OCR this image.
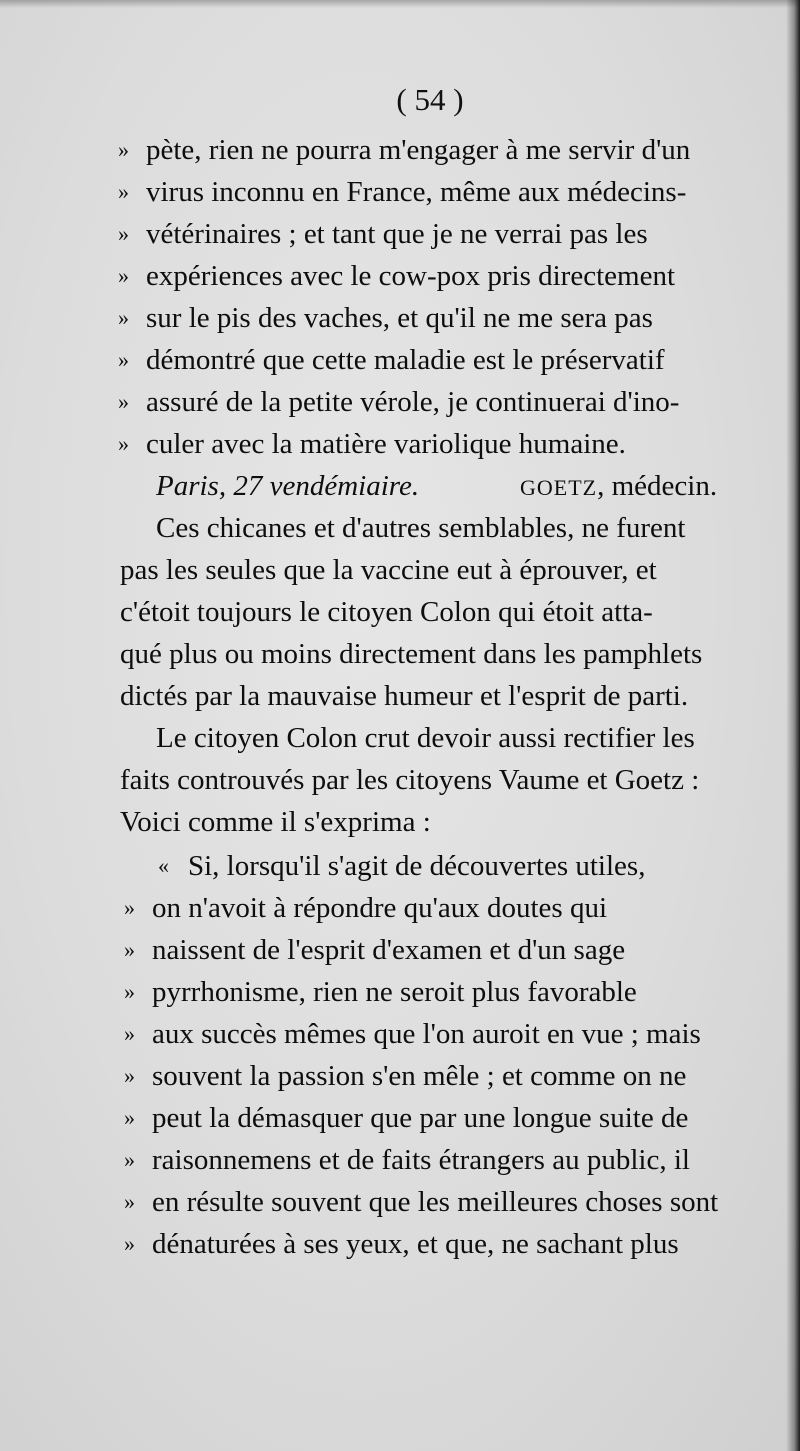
( 54 )
» pète, rien ne pourra m'engager à me servir d'un
» virus inconnu en France, même aux médecins-
» vétérinaires ; et tant que je ne verrai pas les
» expériences avec le cow-pox pris directement
» sur le pis des vaches, et qu'il ne me sera pas
» démontré que cette maladie est le préservatif
» assuré de la petite vérole, je continuerai d'ino-
» culer avec la matière variolique humaine.
Paris, 27 vendémiaire.	GOETZ, médecin.
Ces chicanes et d'autres semblables, ne furent
pas les seules que la vaccine eut à éprouver, et
c'étoit toujours le citoyen Colon qui étoit atta-
qué plus ou moins directement dans les pamphlets
dictés par la mauvaise humeur et l'esprit de parti.
Le citoyen Colon crut devoir aussi rectifier les
faits controuvés par les citoyens Vaume et Goetz :
Voici comme il s'exprima :
« Si, lorsqu'il s'agit de découvertes utiles,
» on n'avoit à répondre qu'aux doutes qui
» naissent de l'esprit d'examen et d'un sage
» pyrrhonisme, rien ne seroit plus favorable
» aux succès mêmes que l'on auroit en vue ; mais
» souvent la passion s'en mêle ; et comme on ne
» peut la démasquer que par une longue suite de
» raisonnemens et de faits étrangers au public, il
» en résulte souvent que les meilleures choses sont
» dénaturées à ses yeux, et que, ne sachant plus
